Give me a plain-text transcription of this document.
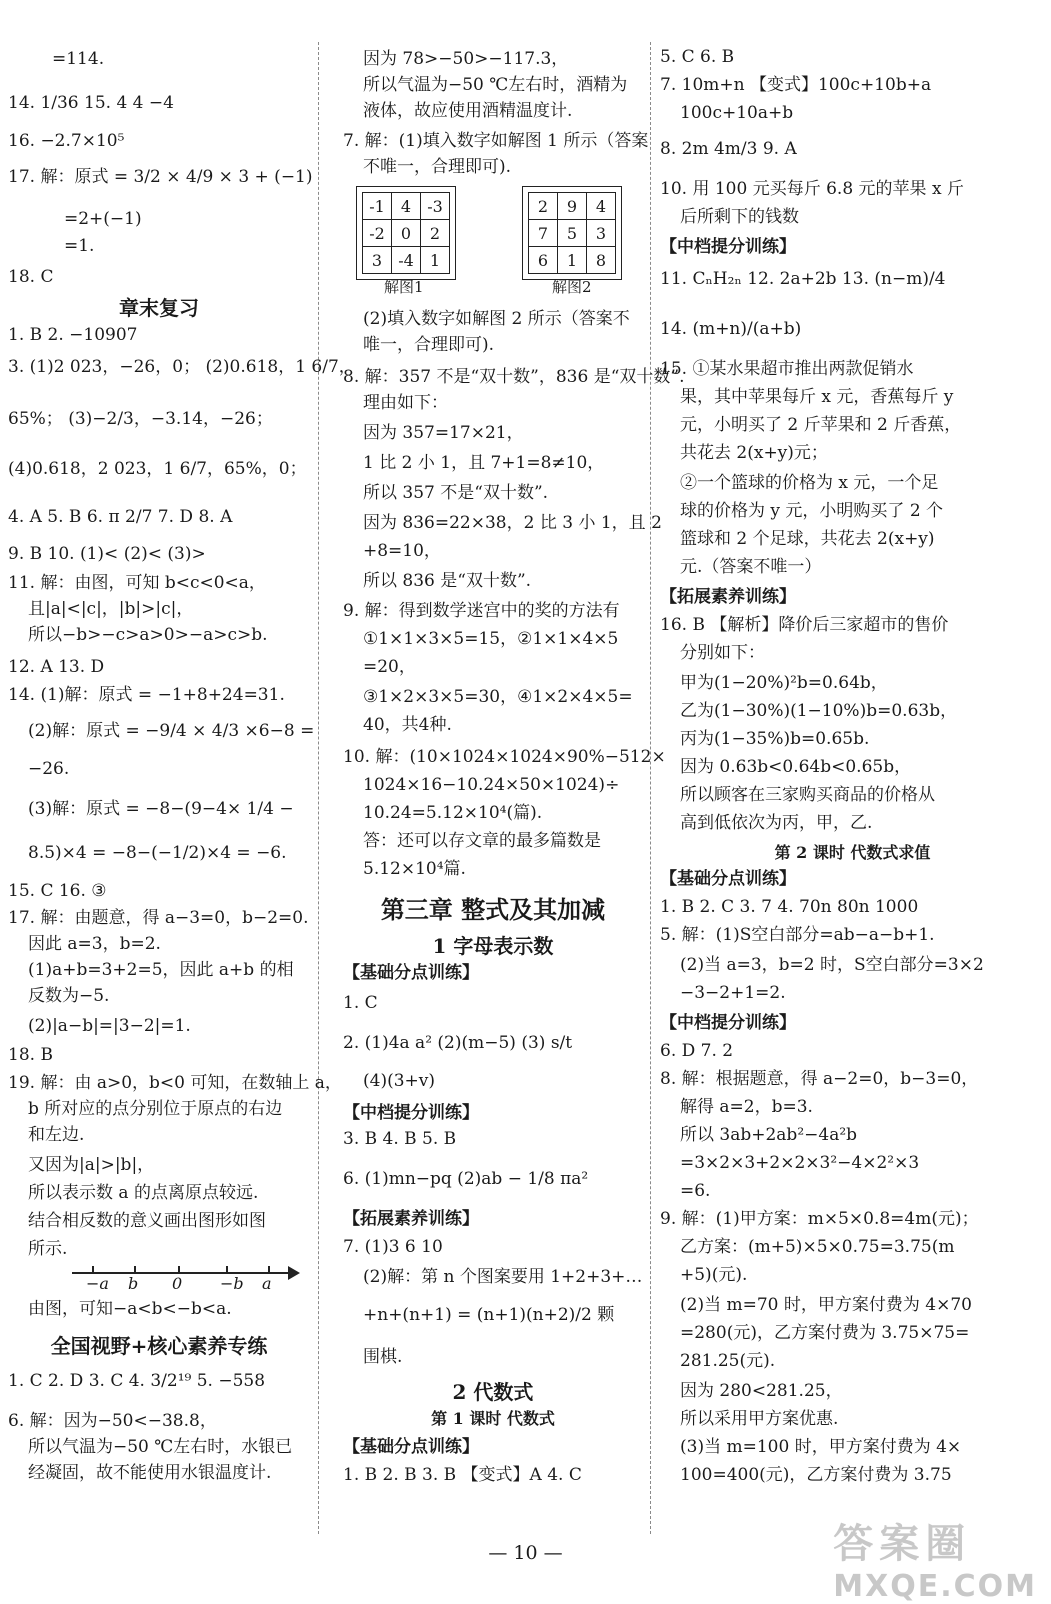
=114.
14. 1/36 15. 4 4 −4
16. −2.7×10⁵
17. 解：原式 = 3/2 × 4/9 × 3 + (−1)
=2+(−1)
=1.
18. C
章末复习
1. B 2. −10907
3. (1)2 023，−26，0； (2)0.618，1 6/7，
65%； (3)−2/3，−3.14，−26；
(4)0.618，2 023，1 6/7，65%，0；
4. A 5. B 6. π 2/7 7. D 8. A
9. B 10. (1)< (2)< (3)>
11. 解：由图，可知 b<c<0<a，
且|a|<|c|，|b|>|c|，
所以−b>−c>a>0>−a>c>b.
12. A 13. D
14. (1)解：原式 = −1+8+24=31.
(2)解：原式 = −9/4 × 4/3 ×6−8 =
−26.
(3)解：原式 = −8−(9−4× 1/4 −
8.5)×4 = −8−(−1/2)×4 = −6.
15. C 16. ③
17. 解：由题意，得 a−3=0，b−2=0.
因此 a=3，b=2.
(1)a+b=3+2=5，因此 a+b 的相
反数为−5.
(2)|a−b|=|3−2|=1.
18. B
19. 解：由 a>0，b<0 可知，在数轴上 a，
b 所对应的点分别位于原点的右边
和左边.
又因为|a|>|b|，
所以表示数 a 的点离原点较远.
结合相反数的意义画出图形如图
所示.
由图，可知−a<b<−b<a.
全国视野+核心素养专练
1. C 2. D 3. C 4. 3/2¹⁹ 5. −558
6. 解：因为−50<−38.8，
所以气温为−50 ℃左右时，水银已
经凝固，故不能使用水银温度计.
因为 78>−50>−117.3，
所以气温为−50 ℃左右时，酒精为
液体，故应使用酒精温度计.
7. 解：(1)填入数字如解图 1 所示（答案
不唯一，合理即可).
(2)填入数字如解图 2 所示（答案不
唯一，合理即可).
8. 解：357 不是“双十数”，836 是“双十数”.
理由如下：
因为 357=17×21，
1 比 2 小 1，且 7+1=8≠10，
所以 357 不是“双十数”.
因为 836=22×38，2 比 3 小 1，且 2
+8=10，
所以 836 是“双十数”.
9. 解：得到数学迷宫中的奖的方法有
①1×1×3×5=15，②1×1×4×5
=20，
③1×2×3×5=30，④1×2×4×5=
40，共4种.
10. 解：(10×1024×1024×90%−512×
1024×16−10.24×50×1024)÷
10.24=5.12×10⁴(篇).
答：还可以存文章的最多篇数是
5.12×10⁴篇.
1 字母表示数
【基础分点训练】
1. C
2. (1)4a a² (2)(m−5) (3) s/t
(4)(3+v)
【中档提分训练】
3. B 4. B 5. B
6. (1)mn−pq (2)ab − 1/8 πa²
【拓展素养训练】
7. (1)3 6 10
(2)解：第 n 个图案要用 1+2+3+…
+n+(n+1) = (n+1)(n+2)/2 颗
围棋.
2 代数式
第 1 课时 代数式
【基础分点训练】
1. B 2. B 3. B 【变式】A 4. C
5. C 6. B
7. 10m+n 【变式】100c+10b+a
100c+10a+b
8. 2m 4m/3 9. A
10. 用 100 元买每斤 6.8 元的苹果 x 斤
后所剩下的钱数
【中档提分训练】
11. CₙH₂ₙ 12. 2a+2b 13. (n−m)/4
14. (m+n)/(a+b)
15. ①某水果超市推出两款促销水
果，其中苹果每斤 x 元，香蕉每斤 y
元，小明买了 2 斤苹果和 2 斤香蕉，
共花去 2(x+y)元；
②一个篮球的价格为 x 元，一个足
球的价格为 y 元，小明购买了 2 个
篮球和 2 个足球，共花去 2(x+y)
元.（答案不唯一）
【拓展素养训练】
16. B 【解析】降价后三家超市的售价
分别如下：
甲为(1−20%)²b=0.64b，
乙为(1−30%)(1−10%)b=0.63b，
丙为(1−35%)b=0.65b.
因为 0.63b<0.64b<0.65b，
所以顾客在三家购买商品的价格从
高到低依次为丙，甲，乙.
第 2 课时 代数式求值
【基础分点训练】
1. B 2. C 3. 7 4. 70n 80n 1000
5. 解：(1)S空白部分=ab−a−b+1.
(2)当 a=3，b=2 时，S空白部分=3×2
−3−2+1=2.
【中档提分训练】
6. D 7. 2
8. 解：根据题意，得 a−2=0，b−3=0，
解得 a=2，b=3.
所以 3ab+2ab²−4a²b
=3×2×3+2×2×3²−4×2²×3
=6.
9. 解：(1)甲方案：m×5×0.8=4m(元)；
乙方案：(m+5)×5×0.75=3.75(m
+5)(元).
(2)当 m=70 时，甲方案付费为 4×70
=280(元)，乙方案付费为 3.75×75=
281.25(元).
因为 280<281.25，
所以采用甲方案优惠.
(3)当 m=100 时，甲方案付费为 4×
100=400(元)，乙方案付费为 3.75
第三章 整式及其加减
-1	4	-3
-2	0	2
3	-4	1
解图1
2	9	4
7	5	3
6	1	8
解图2
−a b 0 −b a
— 10 —	答案圈
MXQE.COM
